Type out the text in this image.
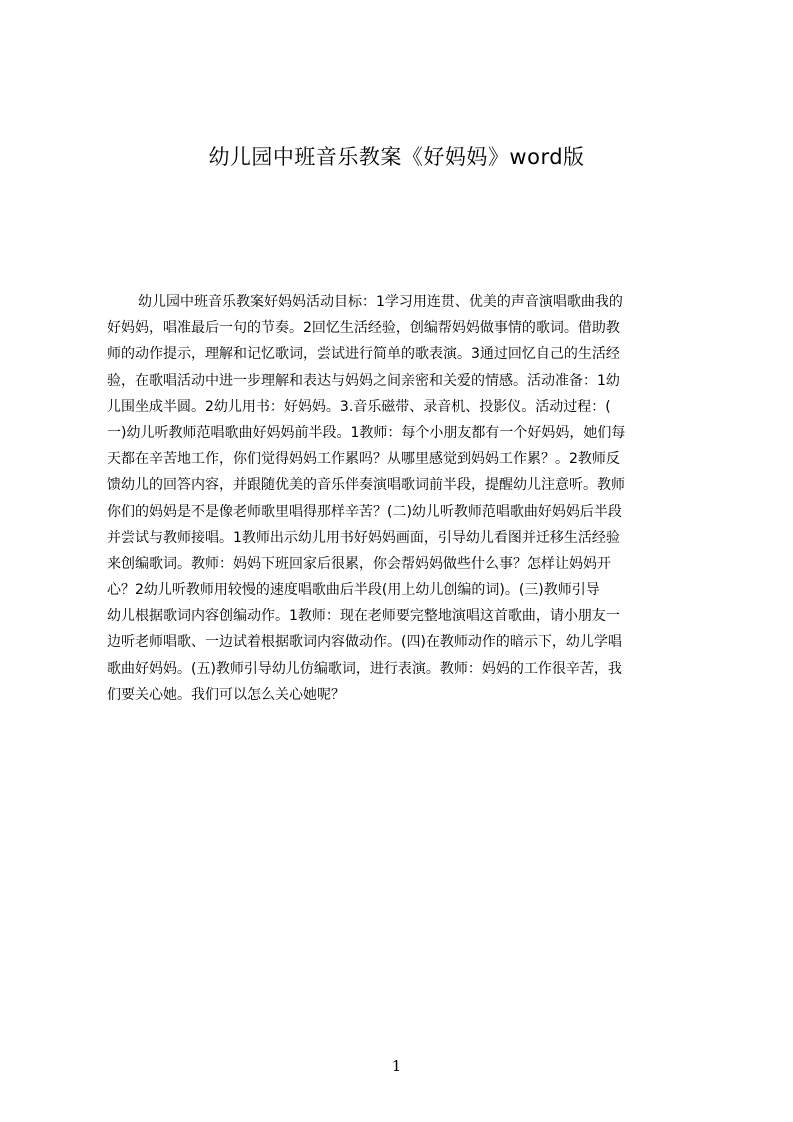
幼儿园中班音乐教案《好妈妈》word版
幼儿园中班音乐教案好妈妈活动目标：1学习用连贯、优美的声音演唱歌曲我的
好妈妈，唱准最后一句的节奏。2回忆生活经验，创编帮妈妈做事情的歌词。借助教
师的动作提示，理解和记忆歌词，尝试进行简单的歌表演。3通过回忆自己的生活经
验，在歌唱活动中进一步理解和表达与妈妈之间亲密和关爱的情感。活动准备：1幼
儿围坐成半圆。2幼儿用书：好妈妈。3.音乐磁带、录音机、投影仪。活动过程：(
一)幼儿听教师范唱歌曲好妈妈前半段。1教师：每个小朋友都有一个好妈妈，她们每
天都在辛苦地工作，你们觉得妈妈工作累吗？从哪里感觉到妈妈工作累？。2教师反
馈幼儿的回答内容，并跟随优美的音乐伴奏演唱歌词前半段，提醒幼儿注意听。教师
你们的妈妈是不是像老师歌里唱得那样辛苦？(二)幼儿听教师范唱歌曲好妈妈后半段
并尝试与教师接唱。1教师出示幼儿用书好妈妈画面，引导幼儿看图并迁移生活经验
来创编歌词。教师：妈妈下班回家后很累，你会帮妈妈做些什么事？怎样让妈妈开
心？2幼儿听教师用较慢的速度唱歌曲后半段(用上幼儿创编的词)。(三)教师引导
幼儿根据歌词内容创编动作。1教师：现在老师要完整地演唱这首歌曲，请小朋友一
边听老师唱歌、一边试着根据歌词内容做动作。(四)在教师动作的暗示下，幼儿学唱
歌曲好妈妈。(五)教师引导幼儿仿编歌词，进行表演。教师：妈妈的工作很辛苦，我
们要关心她。我们可以怎么关心她呢？
1
